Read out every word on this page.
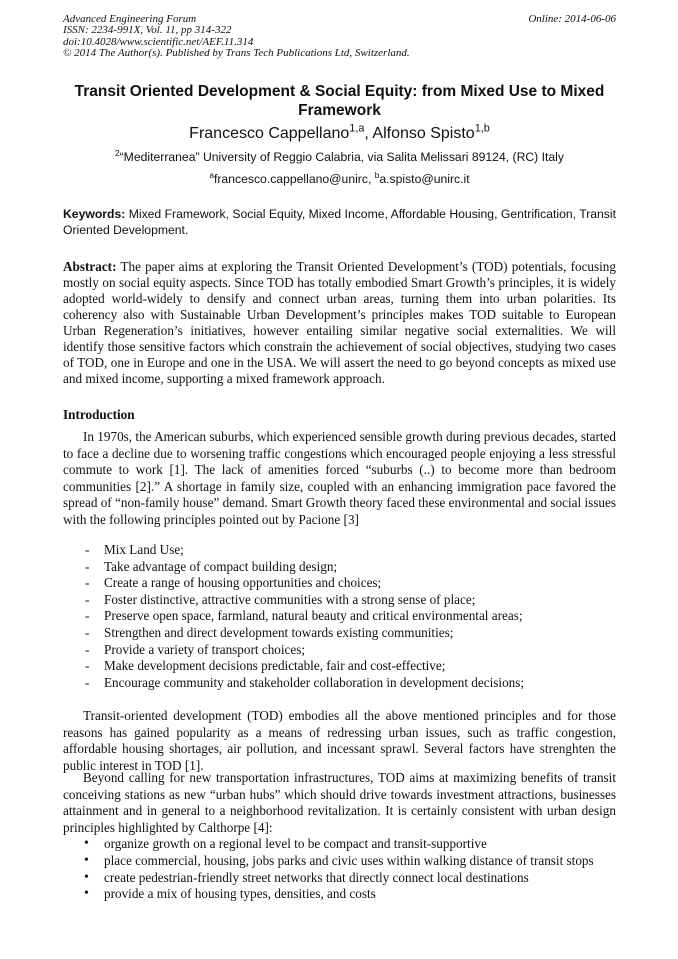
Advanced Engineering Forum
ISSN: 2234-991X, Vol. 11, pp 314-322
doi:10.4028/www.scientific.net/AEF.11.314
© 2014 The Author(s). Published by Trans Tech Publications Ltd, Switzerland.
Online: 2014-06-06
Transit Oriented Development & Social Equity: from Mixed Use to Mixed Framework
Francesco Cappellano$^{1,a}$, Alfonso Spisto$^{1,b}$
$^2$“Mediterranea” University of Reggio Calabria, via Salita Melissari 89124, (RC) Italy
$^a$francesco.cappellano@unirc, $^b$a.spisto@unirc.it
Keywords: Mixed Framework, Social Equity, Mixed Income, Affordable Housing, Gentrification, Transit Oriented Development.
Abstract: The paper aims at exploring the Transit Oriented Development’s (TOD) potentials, focusing mostly on social equity aspects. Since TOD has totally embodied Smart Growth’s principles, it is widely adopted world-widely to densify and connect urban areas, turning them into urban polarities. Its coherency also with Sustainable Urban Development’s principles makes TOD suitable to European Urban Regeneration’s initiatives, however entailing similar negative social externalities. We will identify those sensitive factors which constrain the achievement of social objectives, studying two cases of TOD, one in Europe and one in the USA. We will assert the need to go beyond concepts as mixed use and mixed income, supporting a mixed framework approach.
Introduction
In 1970s, the American suburbs, which experienced sensible growth during previous decades, started to face a decline due to worsening traffic congestions which encouraged people enjoying a less stressful commute to work [1]. The lack of amenities forced “suburbs (..) to become more than bedroom communities [2].” A shortage in family size, coupled with an enhancing immigration pace favored the spread of “non-family house” demand. Smart Growth theory faced these environmental and social issues with the following principles pointed out by Pacione [3]
- Mix Land Use;
- Take advantage of compact building design;
- Create a range of housing opportunities and choices;
- Foster distinctive, attractive communities with a strong sense of place;
- Preserve open space, farmland, natural beauty and critical environmental areas;
- Strengthen and direct development towards existing communities;
- Provide a variety of transport choices;
- Make development decisions predictable, fair and cost-effective;
- Encourage community and stakeholder collaboration in development decisions;
Transit-oriented development (TOD) embodies all the above mentioned principles and for those reasons has gained popularity as a means of redressing urban issues, such as traffic congestion, affordable housing shortages, air pollution, and incessant sprawl. Several factors have strenghten the public interest in TOD [1].
Beyond calling for new transportation infrastructures, TOD aims at maximizing benefits of transit conceiving stations as new “urban hubs” which should drive towards investment attractions, businesses attainment and in general to a neighborhood revitalization. It is certainly consistent with urban design principles highlighted by Calthorpe [4]:
• organize growth on a regional level to be compact and transit-supportive
• place commercial, housing, jobs parks and civic uses within walking distance of transit stops
• create pedestrian-friendly street networks that directly connect local destinations
• provide a mix of housing types, densities, and costs
